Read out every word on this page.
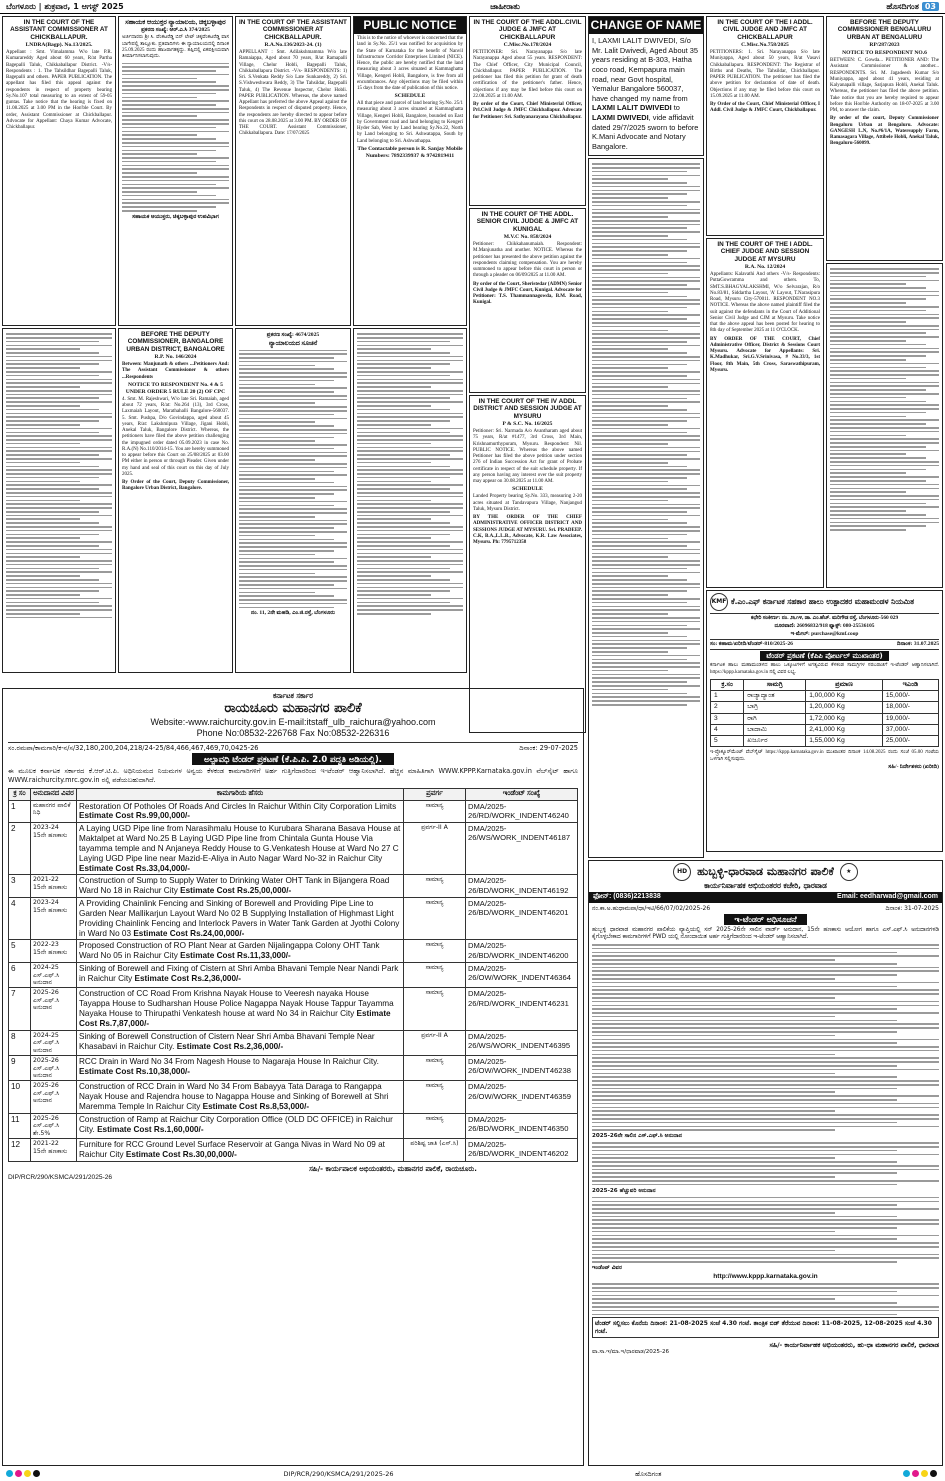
ಬೆಂಗಳೂರು | ಶುಕ್ರವಾರ, 1 ಆಗಸ್ಟ್ 2025	ಜಾಹೀರಾತು	ಹೊಸದಿಗಂತ 03
IN THE COURT OF THE ASSISTANT COMMISSIONER AT CHICKBALLAPUR.
LNDRA(Bagp). No.13/2025.
Appellant : Smt. Vimalamma W/o late P.R. Kumarareddy Aged about 60 years, R/at Partha Bagepalli Taluk, Chikkaballapur District. -V/s- Respondents : 1. The Tahsildhar Bagepalli Taluk, Bagepalli and others. PAPER PUBLICATION. The appellant has filed this appeal against the respondents in respect of property bearing Sy.No.107 total measuring to an extent of 59-05 guntas. Take notice that the hearing is fixed on 11.08.2025 at 3.00 PM in the Hon'ble Court. By order, Assistant Commissioner at Chickballapur. Advocate for Appellant: Chaya Kumar Advocate, Chickballapur.
ಸಹಾಯಕ ಆಯುಕ್ತರ ನ್ಯಾಯಾಲಯ, ಚಿಕ್ಕಬಳ್ಳಾಪುರ
ಪ್ರಕರಣ ಸಂಖ್ಯೆ: ಆರ್.ಎ.ಸಿ 374/2025
ಅರ್ಜಿದಾರರು ಶ್ರೀ ಸಿ. ವೆಂಕಟರೆಡ್ಡಿ ಬಿನ್ ಲೇಟ್ ಚಿಕ್ಕವೆಂಕಟರೆಡ್ಡಿ ವಾಸ ಬಾಗೇಪಲ್ಲಿ ತಾಲ್ಲೂಕು. ಪ್ರತಿವಾದಿಗಳು ಈ ನ್ಯಾಯಾಲಯದಲ್ಲಿ ದಿನಾಂಕ 25.09.2025 ರಂದು ಹಾಜರಾಗತಕ್ಕದ್ದು. ತಪ್ಪಿದಲ್ಲಿ ಏಕಪಕ್ಷೀಯವಾಗಿ ತೀರ್ಮಾನಿಸಲಾಗುವುದು.
ಸಹಾಯಕ ಆಯುಕ್ತರು, ಚಿಕ್ಕಬಳ್ಳಾಪುರ ಉಪವಿಭಾಗ
IN THE COURT OF THE ASSISTANT COMMISSIONER AT CHICKBALLAPUR.
R.A.No.136/2023-24. (1)
APPELLANT : Smt. Adilakshmamma W/o late Ramaiappa, Aged about 70 years, R/at Ramapalli Village, Chelur Hobli, Bagepalli Taluk, Chikkaballapura District. -V/s- RESPONDENTS: 1) Sri. S.Venkata Reddy S/o Late Sunkareddy, 2) Sri. S.Vishweshwara Reddy, 3) The Tahsildar, Bagepalli Taluk, 4) The Revenue Inspector, Chelur Hobli. PAPER PUBLICATION. Whereas, the above named Appellant has preferred the above Appeal against the Respondents in respect of disputed property. Hence, the respondents are hereby directed to appear before this court on 28.08.2025 at 3.00 PM. BY ORDER OF THE COURT. Assistant Commissioner, Chikkaballapura. Date: 17/07/2025
PUBLIC NOTICE
This is to the notice of whoever is concerned that the land in Sy.No. 25/1 was notified for acquisition by the State of Karnataka for the benefit of Nanvil Infrastructure Corridor Enterprises Limited (NICE). Hence, the public are hereby notified that the land measuring about 3 acres situated at Kammaghatta Village, Kengeri Hobli, Bangalore, is free from all encumbrances. Any objections may be filed within 15 days from the date of publication of this notice.
SCHEDULE
All that piece and parcel of land bearing Sy.No. 25/1 measuring about 3 acres situated at Kammaghatta Village, Kengeri Hobli, Bangalore, bounded on East by Government road and land belonging to Kengeri Hyder Sab, West by Land bearing Sy.No.22, North by Land belonging to Sri. Ashwatappa, South by Land belonging to Sri. Ashwathappa.
The Contactable person is R. Sanjay Mobile Numbers: 7892339937 & 9742819411
IN THE COURT OF THE ADDL.CIVIL JUDGE & JMFC AT CHICKBALLAPUR
C.Misc.No.178/2024
PETITIONER: Sri. Narayanappa S/o late Narayanappa Aged about 55 years. RESPONDENT: The Chief Officer, City Municipal Council, Chickballapur. PAPER PUBLICATION. The petitioner has filed this petition for grant of death certification of the petitioner's father. Hence, objections if any may be filed before this court on 22.08.2025 at 11.00 AM.
By order of the Court, Chief Ministerial Officer, Prl.Civil Judge & JMFC Chickballapur. Advocate for Petitioner: Sri. Sathyanarayana Chickballapur.
CHANGE OF NAME
I, LAXMI LALIT DWIVEDI, S/o Mr. Lalit Dwivedi, Aged About 35 years residing at B-303, Hatha coco road, Kempapura main road, near Govt hospital, Yemalur Bangalore 560037, have changed my name from LAXMI LALIT DWIVEDI to LAXMI DWIVEDI, vide affidavit dated 29/7/2025 sworn to before K.Mani Advocate and Notary Bangalore.
IN THE COURT OF THE I ADDL. CIVIL JUDGE AND JMFC AT CHICKBALLAPUR
C.Misc.No.758/2025
PETITIONERS: 1. Sri. Narayanappa S/o late Muniyappa, Aged about 50 years, R/at Vasavi Chikkaballapura. RESPONDENT: The Registrar of Births and Deaths, The Tahsildar, Chickballapur. PAPER PUBLICATION. The petitioner has filed the above petition for declaration of date of death. Objections if any may be filed before this court on 15.09.2025 at 11.00 AM.
By Order of the Court, Chief Ministerial Officer, I Addl. Civil Judge & JMFC Court, Chickballapur.
BEFORE THE DEPUTY COMMISSIONER BENGALURU URBAN AT BENGALURU
RP/287/2023
NOTICE TO RESPONDENT NO.6
BETWEEN: C. Gowda... PETITIONER AND: The Assistant Commissioner & another... RESPONDENTS. Sri. M. Jagadeesh Kumar S/o Muniyappa, aged about 41 years, residing at Kalyanapalli village, Sarjapura Hobli, Anekal Taluk. Whereas, the petitioner has filed the above petition. Take notice that you are hereby required to appear before this Hon'ble Authority on 18-07-2025 at 3.00 PM, to answer the claim.
By order of the court, Deputy Commissioner Bengaluru Urban at Bengaluru. Advocate: GANGESH L.N, No.#6/1A, Watersupply Farm, Ramasagara Village, Attibele Hobli, Anekal Taluk, Bengaluru-560099.
BEFORE THE DEPUTY COMMISSIONER, BANGALORE URBAN DISTRICT, BANGALORE
R.P. No. 146/2024
Between: Manjunath & others ...Petitioners And: The Assistant Commissioner & others ...Respondents
NOTICE TO RESPONDENT No. 4 & 5 UNDER ORDER 5 RULE 20 (2) OF CPC
4. Smt. M. Rajeshwari, W/o late Sri. Ramaiah, aged about 72 years, R/at: No.264 (13), 3rd Cross, Laxmaiah Layout, Marathahalli Bangalore-560037. 5. Smt. Pushpa, D/o Govindappa, aged about 45 years, R/at: Lakshmipura Village, Jigani Hobli, Anekal Taluk, Bangalore District. Whereas, the petitioners have filed the above petition challenging the impugned order dated 05.09.2023 in case No. R.A.(N) No.110/2014-15. You are hereby summoned to appear before this Court on 25/08/2025 at 03.00 PM either in person or through Pleader. Given under my hand and seal of this court on this day of July 2025.
By Order of the Court, Deputy Commissioner, Bangalore Urban District, Bangalore.
ಪ್ರಕರಣ ಸಂಖ್ಯೆ: 4674/2025
ನ್ಯಾಯಾಲಯದ ಸೂಚನೆ
ನಂ. 11, 2ನೇ ಮಹಡಿ, ಎಂ.ಜಿ.ರಸ್ತೆ, ಬೆಂಗಳೂರು
IN THE COURT OF THE ADDL. SENIOR CIVIL JUDGE & JMFC AT KUNIGAL
M.V.C No. 858/2024
Petitioner: Chikkahanumaiah. Respondent: M.Manjunatha and another. NOTICE. Whereas the petitioner has presented the above petition against the respondents claiming compensation. You are hereby summoned to appear before this court in person or through a pleader on 06/09/2025 at 11.00 AM.
By order of the Court, Sheristedar (ADMN) Senior Civil Judge & JMFC Court, Kunigal. Advocate for Petitioner: T.S. Thammannagowda, B.M. Road, Kunigal.
IN THE COURT OF THE IV ADDL DISTRICT AND SESSION JUDGE AT MYSURU
P & S.C. No. 16/2025
Petitioner: Sri. Narmada A/o Avantharam aged about 75 years, R/at #1477, 3rd Cross, 3rd Main, Krishnamurthypuram, Mysuru. Respondent: Nil. PUBLIC NOTICE. Whereas the above named Petitioner has filed the above petition under section 276 of Indian Succession Act for grant of Probate certificate in respect of the suit schedule property. If any person having any interest over the suit property may appear on 30.08.2025 at 11.00 AM.
SCHEDULE
Landed Property bearing Sy.No. 333, measuring 2-20 acres situated at Tandavapura Village, Nanjangud Taluk, Mysuru District.
BY THE ORDER OF THE CHIEF ADMINISTRATIVE OFFICER DISTRICT AND SESSIONS JUDGE AT MYSURU. Sri. PRADEEP. C.K, B.A.,L.L.B., Advocate, K.R. Law Associates, Mysuru. Ph: 7795712358
IN THE COURT OF THE I ADDL. CHIEF JUDGE AND SESSION JUDGE AT MYSURU
R.A. No. 12/2024
Appellants: Kalavathi And others -V/s- Respondents: PuttaGowramma and others. To, SMT.S.BHAGYALAKSHMI, W/o Selvarajan, R/o No.83/81, Siddartha Layout, 'A' Layout, T.Narasipura Road, Mysuru City-570011. RESPONDENT NO.3 NOTICE. Whereas the above named plaintiff filed the suit against the defendants in the Court of Additional Senior Civil Judge and CJM at Mysuru. Take notice that the above appeal has been posted for hearing to 8th day of September 2025 at 11 O'CLOCK.
BY ORDER OF THE COURT, Chief Administrative Officer, District & Sessions Court Mysuru. Advocate for Appellants: Sri. K.Madhukar, Sri.G.V.Srinivasa, # No.33/3, 1st Floor, 8th Main, 5th Cross, Saraswathipuram, Mysuru.
KMF ಕೆ.ಎಂ.ಎಫ್ ಕರ್ನಾಟಕ ಸಹಕಾರ ಹಾಲು ಉತ್ಪಾದಕರ ಮಹಾಮಂಡಳ ನಿಯಮಿತ
ಕಛೇರಿ ಸಂಕೀರ್ಣ: ನಂ. ೨೬೧೪, ಡಾ. ಎಂ.ಹೆಚ್. ಮರಿಗೌಡ ರಸ್ತೆ, ಬೆಂಗಳೂರು-560 029
ದೂರವಾಣಿ: 26096832/918 ಫ್ಯಾಕ್ಸ್: 080-25536105
ಇ-ಮೇಲ್: purchase@kmf.coop
ಸಂ: ಕಹಾಮ/ಖರೀದಿ/ಟೆಂಡರ್-810/2025-26	ದಿನಾಂಕ: 31.07.2025
ಟೆಂಡರ್ ಪ್ರಕಟಣೆ (ಕೆಪಿಪಿ ಪೋರ್ಟಲ್ ಮುಖಾಂತರ)
ಕರ್ನಾಟಕ ಹಾಲು ಮಹಾಮಂಡಳದ ಹಾಲು ಒಕ್ಕೂಟಗಳಿಗೆ ಅಗತ್ಯವಿರುವ ಕೆಳಕಂಡ ಸಾಮಗ್ರಿಗಳ ಸರಬರಾಜಿಗೆ ಇ-ಟೆಂಡರ್ ಆಹ್ವಾನಿಸಲಾಗಿದೆ. https://kppp.karnataka.gov.in ನಲ್ಲಿ ವಿವರ ಲಭ್ಯ.
ಕ್ರ.ಸಂ	ಸಾಮಗ್ರಿ	ಪ್ರಮಾಣ	ಇಎಂಡಿ
1	ರಾಜ್ಯಾದ್ಯಾಂತ	1,00,000 Kg	15,000/-
2	ಬಾಗ್ರಿ	1,20,000 Kg	18,000/-
3	ರಾಗಿ	1,72,000 Kg	19,000/-
4	ಬಾದಾಮಿ	2,41,000 Kg	37,000/-
5	ಖರ್ಜೂರ	1,55,000 Kg	25,000/-
ಇ-ಪ್ರೊಕ್ಯೂರ್‌ಮೆಂಟ್ ವೆಬ್‌ಸೈಟ್ https://kppp.karnataka.gov.in ಮುಖಾಂತರ ದಿನಾಂಕ 14.08.2025 ರಂದು ಸಂಜೆ 05.00 ಗಂಟೆಯ ಒಳಗಾಗಿ ಸಲ್ಲಿಸುವುದು.
ಸಹಿ/- ನಿರ್ದೇಶಕರು (ಖರೀದಿ)
ಕರ್ನಾಟಕ ಸರ್ಕಾರ
ರಾಯಚೂರು ಮಹಾನಗರ ಪಾಲಿಕೆ
Website:-www.raichurcity.gov.in E-mail:itstaff_ulb_raichura@yahoo.com
Phone No:08532-226768 Fax No:08532-226316
ಸಂ.ರಮಪಾ/ಕಾಮಗಾರಿ/ಕ-ನ/ಸ/32,180,200,204,218/24-25/84,466,467,469,70,0425-26	ದಿನಾಂಕ: 29-07-2025
ಅಲ್ಪಾವಧಿ ಟೆಂಡರ್ ಪ್ರಕಟಣೆ (ಕೆ.ಪಿ.ಪಿ. 2.0 ಪದ್ಧತಿ ಅಡಿಯಲ್ಲಿ).
ಈ ಮೂಲಕ ಕರ್ನಾಟಕ ಸರ್ಕಾರದ ಕೆ.ಆರ್.ಟಿ.ಪಿ. ಅಧಿನಿಯಮದ ನಿಯಮಗಳ ಅನ್ವಯ ಕೆಳಕಂಡ ಕಾಮಗಾರಿಗಳಿಗೆ ಅರ್ಹ ಗುತ್ತಿಗೆದಾರರಿಂದ ಇ-ಟೆಂಡರ್ ಆಹ್ವಾನಿಸಲಾಗಿದೆ. ಹೆಚ್ಚಿನ ಮಾಹಿತಿಗಾಗಿ WWW.KPPP.Karnataka.gov.in ವೆಬ್‌ಸೈಟ್ ಹಾಗೂ WWW.raichurcity.mrc.gov.in ರಲ್ಲಿ ಪಡೆಯಬಹುದಾಗಿದೆ.
ಕ್ರ ಸಂ	ಅನುದಾನದ ವಿವರ	ಕಾಮಗಾರಿಯ ಹೆಸರು	ಪ್ರವರ್ಗ	ಇಂಡೆಂಟ್ ಸಂಖ್ಯೆ
1	ಮಹಾನಗರ ಪಾಲಿಕೆ ನಿಧಿ	Restoration Of Potholes Of Roads And Circles In Raichur Within City Corporation Limits Estimate Cost Rs.99,00,000/-	ಸಾಮಾನ್ಯ	DMA/2025-26/RD/WORK_INDENT46240
2	2023-24 15ನೇ ಹಣಕಾಸು	A Laying UGD Pipe line from Narasihmalu House to Kurubara Sharana Basava House at Maktalpet at Ward No.25 B Laying UGD Pipe line from Chintala Gunta House Via tayamma temple and N Anjaneya Reddy House to G.Venkatesh House at Ward No 27 C Laying UGD Pipe line near Mazid-E-Aliya in Auto Nagar Ward No-32 in Raichur City Estimate Cost Rs.33,04,000/-	ಪ್ರವರ್ಗ-II A	DMA/2025-26/WS/WORK_INDENT46187
3	2021-22 15ನೇ ಹಣಕಾಸು	Construction of Sump to Supply Water to Drinking Water OHT Tank in Bijangera Road Ward No 18 in Raichur City Estimate Cost Rs.25,00,000/-	ಸಾಮಾನ್ಯ	DMA/2025-26/BD/WORK_INDENT46192
4	2023-24 15ನೇ ಹಣಕಾಸು	A Providing Chainlink Fencing and Sinking of Borewell and Providing Pipe Line to Garden Near Mallikarjun Layout Ward No 02 B Supplying Installation of Highmast Light Providing Chainlink Fencing and Interlock Pavers in Water Tank Garden at Jyothi Colony in Ward No 03 Estimate Cost Rs.24,00,000/-	ಸಾಮಾನ್ಯ	DMA/2025-26/BD/WORK_INDENT46201
5	2022-23 15ನೇ ಹಣಕಾಸು	Proposed Construction of RO Plant Near at Garden Nijalingappa Colony OHT Tank Ward No 05 in Raichur City Estimate Cost Rs.11,33,000/-	ಸಾಮಾನ್ಯ	DMA/2025-26/BD/WORK_INDENT46200
6	2024-25 ಎಸ್.ಎಫ್.ಸಿ ಅನುದಾನ	Sinking of Borewell and Fixing of Cistern at Shri Amba Bhavani Temple Near Nandi Park in Raichur City Estimate Cost Rs.2,36,000/-	ಸಾಮಾನ್ಯ	DMA/2025-26/OW/WORK_INDENT46364
7	2025-26 ಎಸ್.ಎಫ್.ಸಿ ಅನುದಾನ	Construction of CC Road From Krishna Nayak House to Veeresh nayaka House Tayappa House to Sudharshan House Police Nagappa Nayak House Tappur Tayamma Nayaka House to Thirupathi Venkatesh house at ward No 34 in Raichur City Estimate Cost Rs.7,87,000/-	ಸಾಮಾನ್ಯ	DMA/2025-26/RD/WORK_INDENT46231
8	2024-25 ಎಸ್.ಎಫ್.ಸಿ ಅನುದಾನ	Sinking of Borewell Construction of Cistern Near Shri Amba Bhavani Temple Near Khasabavi in Raichur City. Estimate Cost Rs.2,36,000/-	ಪ್ರವರ್ಗ-II A	DMA/2025-26/WS/WORK_INDENT46395
9	2025-26 ಎಸ್.ಎಫ್.ಸಿ ಅನುದಾನ	RCC Drain in Ward No 34 From Nagesh House to Nagaraja House In Raichur City. Estimate Cost Rs.10,38,000/-	ಸಾಮಾನ್ಯ	DMA/2025-26/OW/WORK_INDENT46238
10	2025-26 ಎಸ್.ಎಫ್.ಸಿ ಅನುದಾನ	Construction of RCC Drain in Ward No 34 From Babayya Tata Daraga to Rangappa Nayak House and Rajendra house to Nagappa House and Sinking of Borewell at Shri Maremma Temple In Raichur City Estimate Cost Rs.8,53,000/-	ಸಾಮಾನ್ಯ	DMA/2025-26/OW/WORK_INDENT46359
11	2025-26 ಎಸ್.ಎಫ್.ಸಿ ಶೇ.5%	Construction of Ramp at Raichur City Corporation Office (OLD DC OFFICE) in Raichur City. Estimate Cost Rs.1,60,000/-	ಸಾಮಾನ್ಯ	DMA/2025-26/BD/WORK_INDENT46350
12	2021-22 15ನೇ ಹಣಕಾಸು	Furniture for RCC Ground Level Surface Reservoir at Ganga Nivas in Ward No 09 at Raichur City Estimate Cost Rs.30,00,000/-	ಪರಿಶಿಷ್ಟ ಜಾತಿ (ಎಸ್.ಸಿ)	DMA/2025-26/BD/WORK_INDENT46202
ಸಹಿ/- ಕಾರ್ಯಪಾಲಕ ಅಭಿಯಂತರರು, ಮಹಾನಗರ ಪಾಲಿಕೆ, ರಾಯಚೂರು.
DIP/RCR/290/KSMCA/291/2025-26
HD ಹುಬ್ಬಳ್ಳಿ-ಧಾರವಾಡ ಮಹಾನಗರ ಪಾಲಿಕೆ	★
ಕಾರ್ಯನಿರ್ವಾಹಕ ಅಭಿಯಂತರರ ಕಚೇರಿ, ಧಾರವಾಡ
ಫೋನ್: (0836)2213838	Email: eedharwad@gmail.com
ನಂ.ಕಾ.ಅ.ಹುಧಾಮಪಾ/ಧಾ/ಇಟಿ/66/07/02/2025-26	ದಿನಾಂಕ: 31-07-2025
ಇ-ಟೆಂಡರ್ ಅಧಿಸೂಚನೆ
ಹುಬ್ಬಳ್ಳಿ ಧಾರವಾಡ ಮಹಾನಗರ ಪಾಲಿಕೆಯ ವ್ಯಾಪ್ತಿಯಲ್ಲಿ ಸನ್ 2025-26ನೇ ಸಾಲಿನ ವಾರ್ಡ್ ಅನುದಾನ, 15ನೇ ಹಣಕಾಸು ಆಯೋಗ ಹಾಗೂ ಎಸ್.ಎಫ್.ಸಿ ಅನುದಾನಗಳಡಿ ಕೈಗೊಳ್ಳಬೇಕಾದ ಕಾಮಗಾರಿಗಳಿಗೆ PWD ಯಲ್ಲಿ ನೋಂದಾಯಿತ ಅರ್ಹ ಗುತ್ತಿಗೆದಾರರಿಂದ ಇ-ಟೆಂಡರ್ ಆಹ್ವಾನಿಸಲಾಗಿದೆ.
2025-26ನೇ ಸಾಲಿನ ಎಸ್.ಎಫ್.ಸಿ ಅನುದಾನ
2025-26 ಹೆಚ್ಚುವರಿ ಅನುದಾನ
ಇಂಡೆಂಟ್ ವಿವರ
http://www.kppp.karnataka.gov.in
ಟೆಂಡರ್ ಸಲ್ಲಿಸಲು ಕೊನೆಯ ದಿನಾಂಕ: 21-08-2025 ಸಂಜೆ 4.30 ಗಂಟೆ. ತಾಂತ್ರಿಕ ಬಿಡ್ ತೆರೆಯುವ ದಿನಾಂಕ: 11-08-2025, 12-08-2025 ಸಂಜೆ 4.30 ಗಂಟೆ.
ಸಹಿ/- ಕಾರ್ಯನಿರ್ವಾಹಕ ಅಭಿಯಂತರರು, ಹು-ಧಾ ಮಹಾನಗರ ಪಾಲಿಕೆ, ಧಾರವಾಡ
ವಾ.ಸಾ.ಇ/ಮಾ.ಇ/ಧಾರವಾಡ/2025-26
DIP/RCR/290/KSMCA/291/2025-26	ಹೊಸದಿಗಂತ
